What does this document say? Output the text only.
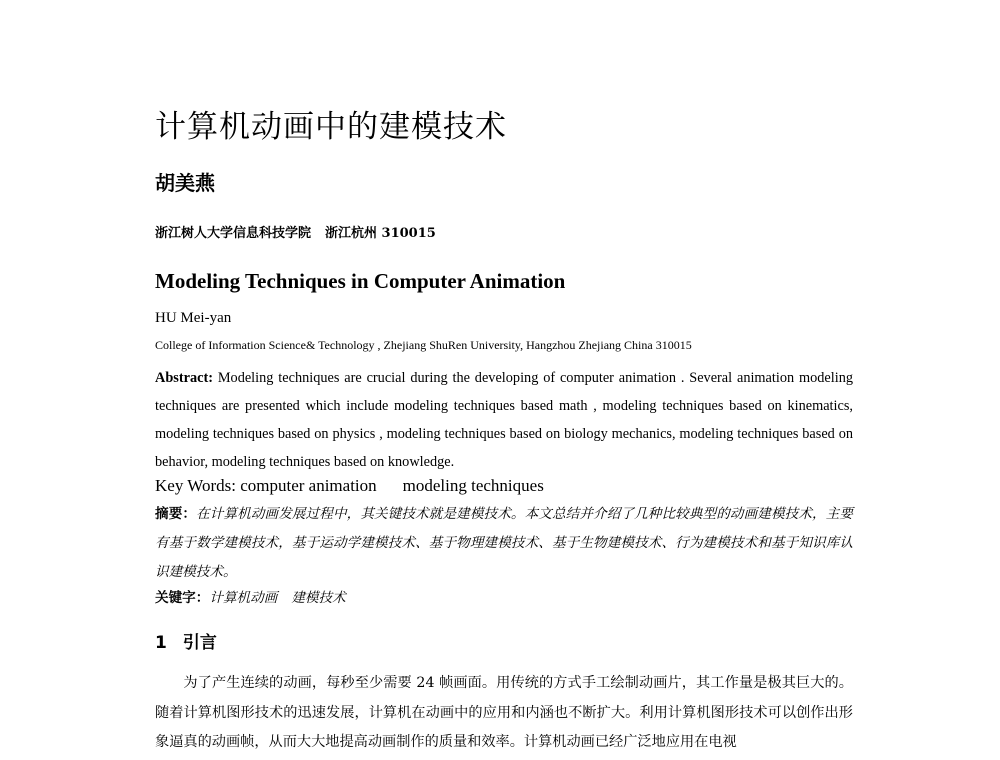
计算机动画中的建模技术
胡美燕
浙江树人大学信息科技学院 浙江杭州 310015
Modeling Techniques in Computer Animation
HU Mei-yan
College of Information Science& Technology , Zhejiang ShuRen University, Hangzhou Zhejiang China 310015
Abstract: Modeling techniques are crucial during the developing of computer animation . Several animation modeling techniques are presented which include modeling techniques based math , modeling techniques based on kinematics, modeling techniques based on physics , modeling techniques based on biology mechanics, modeling techniques based on behavior, modeling techniques based on knowledge.
Key Words: computer animation modeling techniques
摘要：在计算机动画发展过程中，其关键技术就是建模技术。本文总结并介绍了几种比较典型的动画建模技术，主要有基于数学建模技术，基于运动学建模技术、基于物理建模技术、基于生物建模技术、行为建模技术和基于知识库认识建模技术。
关键字：计算机动画 建模技术
1 引言
为了产生连续的动画，每秒至少需要 24 帧画面。用传统的方式手工绘制动画片，其工作量是极其巨大的。随着计算机图形技术的迅速发展，计算机在动画中的应用和内涵也不断扩大。利用计算机图形技术可以创作出形象逼真的动画帧，从而大大地提高动画制作的质量和效率。计算机动画已经广泛地应用在电视
